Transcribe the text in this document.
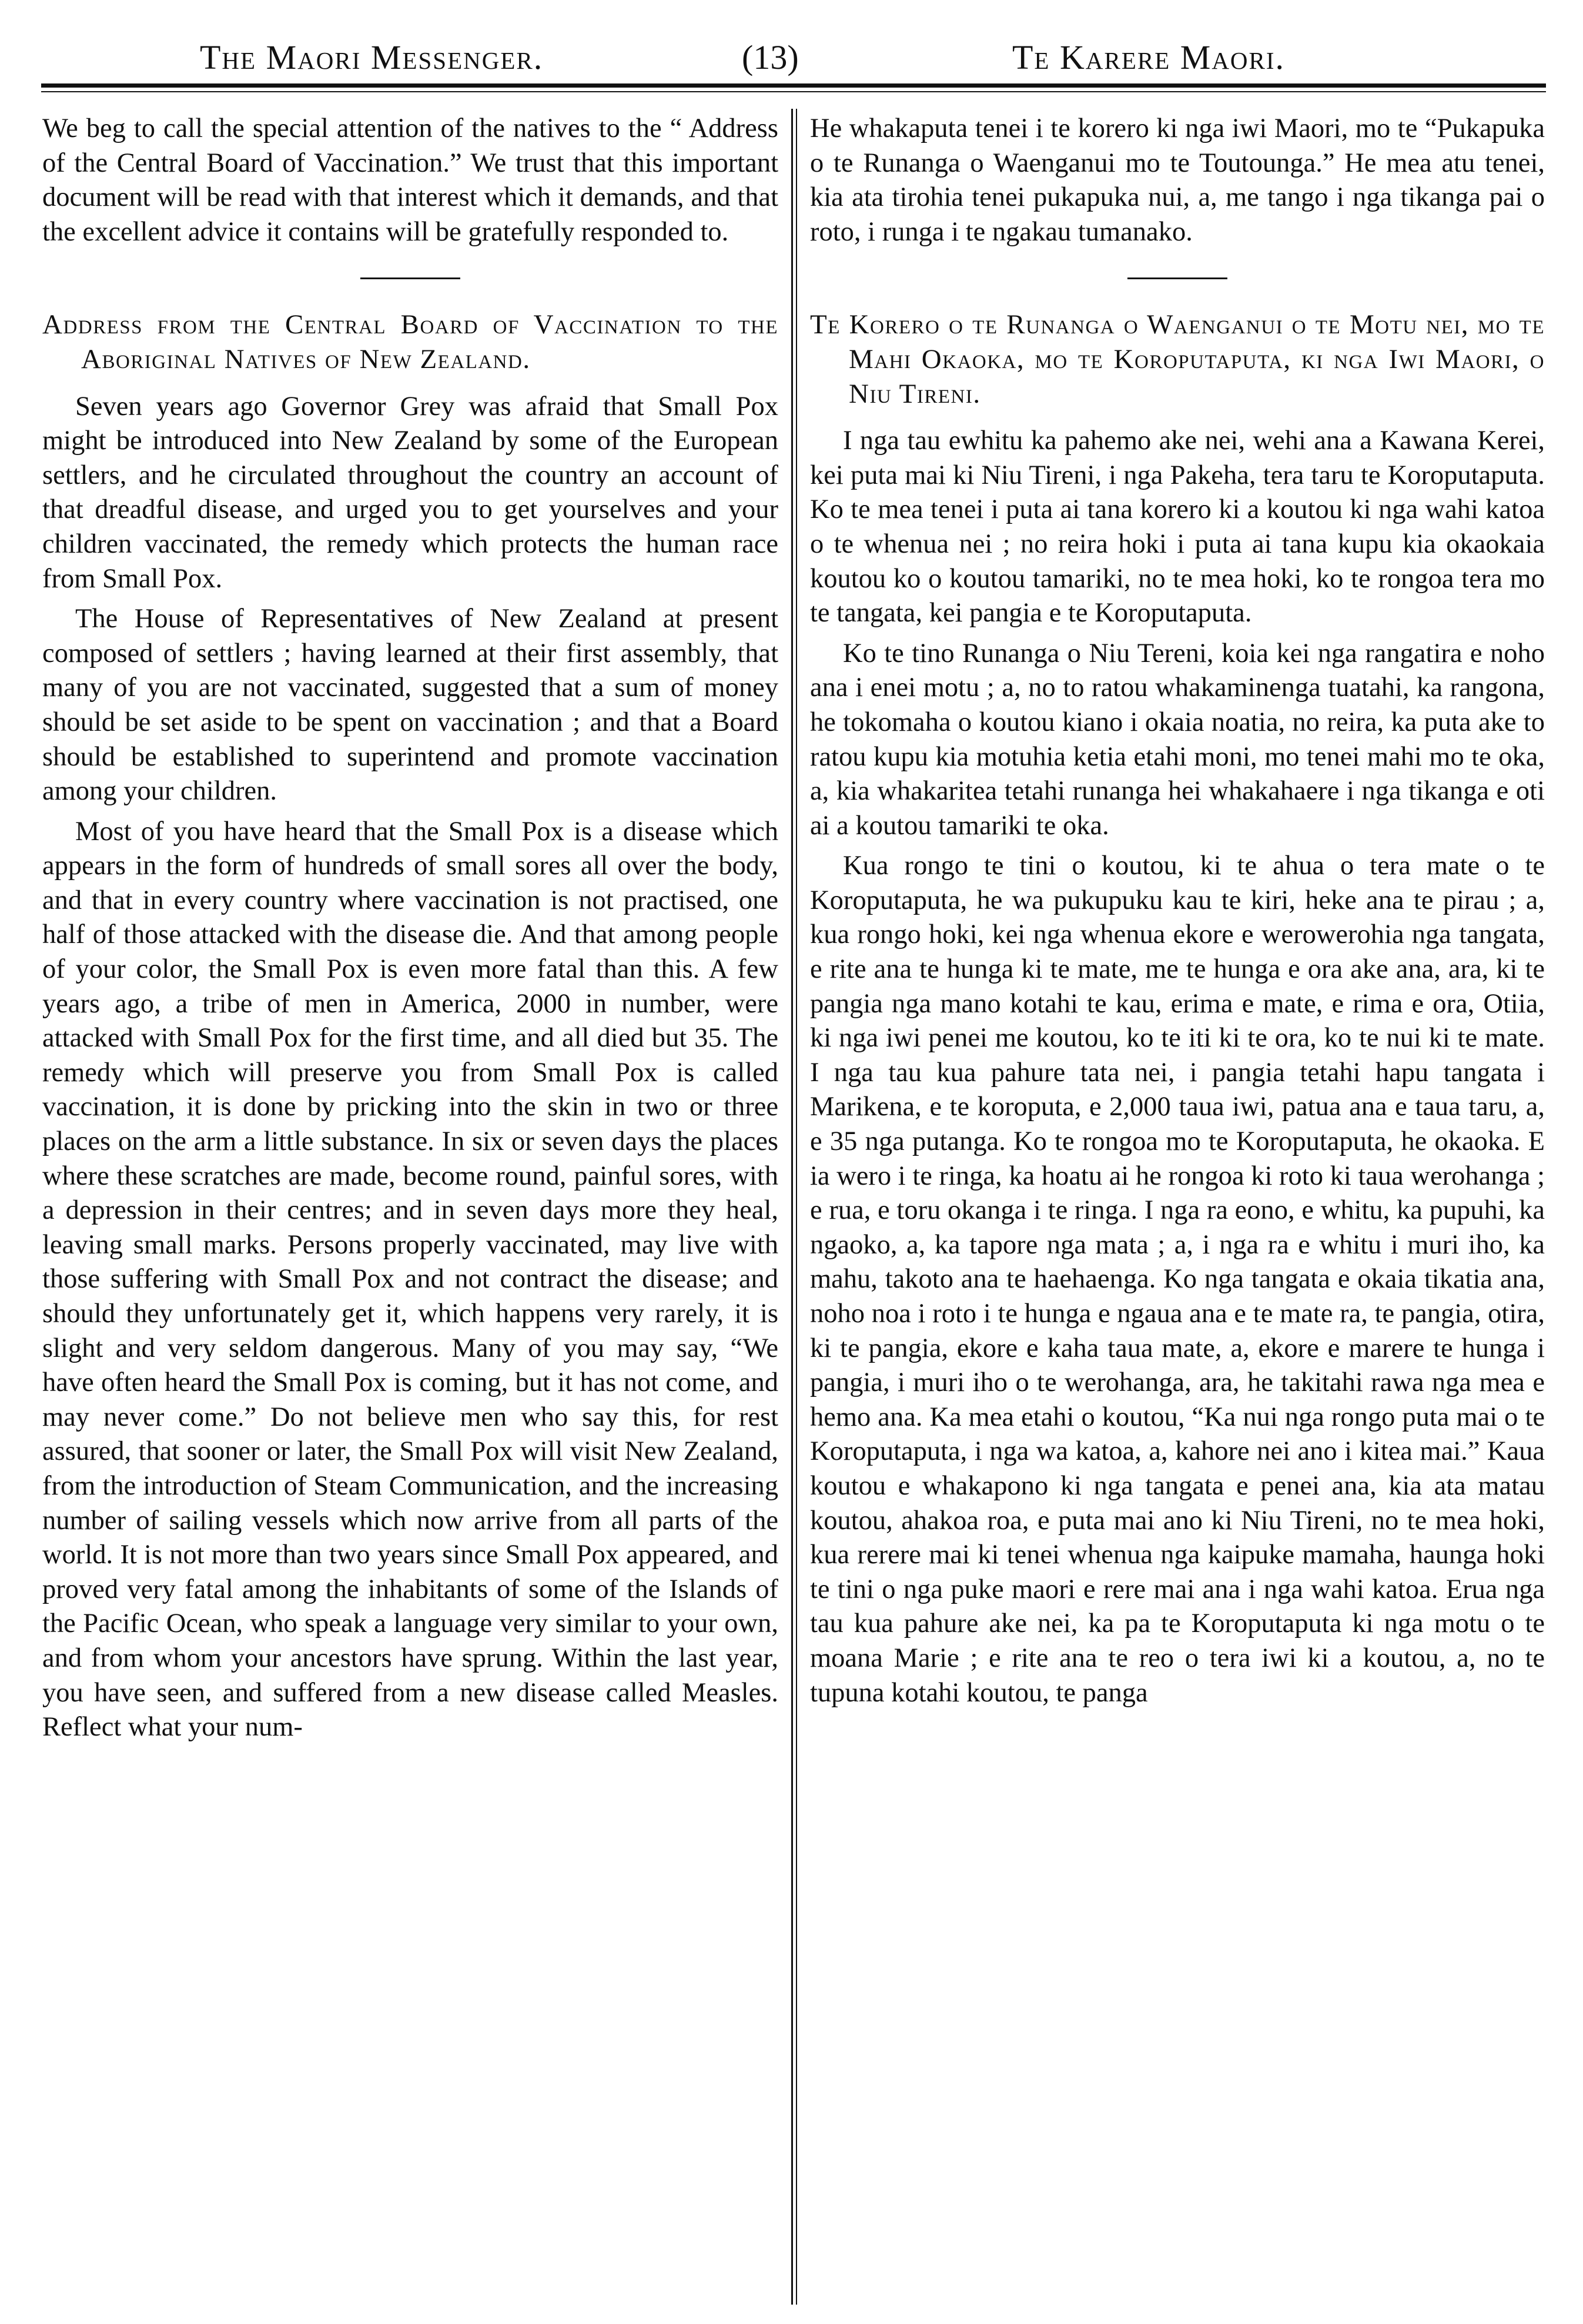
The Maori Messenger.	(13)	Te Karere Maori.

We beg to call the special attention of the natives to the “ Address of the Central Board of Vaccination.” We trust that this important document will be read with that interest which it demands, and that the excellent advice it contains will be gratefully responded to.

Address from the Central Board of Vaccination to the Aboriginal Natives of New Zealand.

Seven years ago Governor Grey was afraid that Small Pox might be introduced into New Zealand by some of the European settlers, and he circulated throughout the country an account of that dreadful disease, and urged you to get yourselves and your children vaccinated, the remedy which protects the human race from Small Pox.

The House of Representatives of New Zealand at present composed of settlers ; having learned at their first assembly, that many of you are not vaccinated, suggested that a sum of money should be set aside to be spent on vaccination ; and that a Board should be established to superintend and promote vaccination among your children.

Most of you have heard that the Small Pox is a disease which appears in the form of hundreds of small sores all over the body, and that in every country where vaccination is not practised, one half of those attacked with the disease die. And that among people of your color, the Small Pox is even more fatal than this. A few years ago, a tribe of men in America, 2000 in number, were attacked with Small Pox for the first time, and all died but 35. The remedy which will preserve you from Small Pox is called vaccination, it is done by pricking into the skin in two or three places on the arm a little substance. In six or seven days the places where these scratches are made, become round, painful sores, with a depression in their centres; and in seven days more they heal, leaving small marks. Persons properly vaccinated, may live with those suffering with Small Pox and not contract the disease; and should they unfortunately get it, which happens very rarely, it is slight and very seldom dangerous. Many of you may say, “We have often heard the Small Pox is coming, but it has not come, and may never come.” Do not believe men who say this, for rest assured, that sooner or later, the Small Pox will visit New Zealand, from the introduction of Steam Communication, and the increasing number of sailing vessels which now arrive from all parts of the world. It is not more than two years since Small Pox appeared, and proved very fatal among the inhabitants of some of the Islands of the Pacific Ocean, who speak a language very similar to your own, and from whom your ancestors have sprung. Within the last year, you have seen, and suffered from a new disease called Measles. Reflect what your num-

He whakaputa tenei i te korero ki nga iwi Maori, mo te “Pukapuka o te Runanga o Waenganui mo te Toutounga.” He mea atu tenei, kia ata tirohia tenei pukapuka nui, a, me tango i nga tikanga pai o roto, i runga i te ngakau tumanako.

Te Korero o te Runanga o Waenganui o te Motu nei, mo te Mahi Okaoka, mo te Koroputaputa, ki nga Iwi Maori, o Niu Tireni.

I nga tau ewhitu ka pahemo ake nei, wehi ana a Kawana Kerei, kei puta mai ki Niu Tireni, i nga Pakeha, tera taru te Koroputaputa. Ko te mea tenei i puta ai tana korero ki a koutou ki nga wahi katoa o te whenua nei ; no reira hoki i puta ai tana kupu kia okaokaia koutou ko o koutou tamariki, no te mea hoki, ko te rongoa tera mo te tangata, kei pangia e te Koroputaputa.

Ko te tino Runanga o Niu Tereni, koia kei nga rangatira e noho ana i enei motu ; a, no to ratou whakaminenga tuatahi, ka rangona, he tokomaha o koutou kiano i okaia noatia, no reira, ka puta ake to ratou kupu kia motuhia ketia etahi moni, mo tenei mahi mo te oka, a, kia whakaritea tetahi runanga hei whakahaere i nga tikanga e oti ai a koutou tamariki te oka.

Kua rongo te tini o koutou, ki te ahua o tera mate o te Koroputaputa, he wa pukupuku kau te kiri, heke ana te pirau ; a, kua rongo hoki, kei nga whenua ekore e werowerohia nga tangata, e rite ana te hunga ki te mate, me te hunga e ora ake ana, ara, ki te pangia nga mano kotahi te kau, erima e mate, e rima e ora, Otiia, ki nga iwi penei me koutou, ko te iti ki te ora, ko te nui ki te mate. I nga tau kua pahure tata nei, i pangia tetahi hapu tangata i Marikena, e te koroputa, e 2,000 taua iwi, patua ana e taua taru, a, e 35 nga putanga. Ko te rongoa mo te Koroputaputa, he okaoka. E ia wero i te ringa, ka hoatu ai he rongoa ki roto ki taua werohanga ; e rua, e toru okanga i te ringa. I nga ra eono, e whitu, ka pupuhi, ka ngaoko, a, ka tapore nga mata ; a, i nga ra e whitu i muri iho, ka mahu, takoto ana te haehaenga. Ko nga tangata e okaia tikatia ana, noho noa i roto i te hunga e ngaua ana e te mate ra, te pangia, otira, ki te pangia, ekore e kaha taua mate, a, ekore e marere te hunga i pangia, i muri iho o te werohanga, ara, he takitahi rawa nga mea e hemo ana. Ka mea etahi o koutou, “Ka nui nga rongo puta mai o te Koroputaputa, i nga wa katoa, a, kahore nei ano i kitea mai.” Kaua koutou e whakapono ki nga tangata e penei ana, kia ata matau koutou, ahakoa roa, e puta mai ano ki Niu Tireni, no te mea hoki, kua rerere mai ki tenei whenua nga kaipuke mamaha, haunga hoki te tini o nga puke maori e rere mai ana i nga wahi katoa. Erua nga tau kua pahure ake nei, ka pa te Koroputaputa ki nga motu o te moana Marie ; e rite ana te reo o tera iwi ki a koutou, a, no te tupuna kotahi koutou, te panga
